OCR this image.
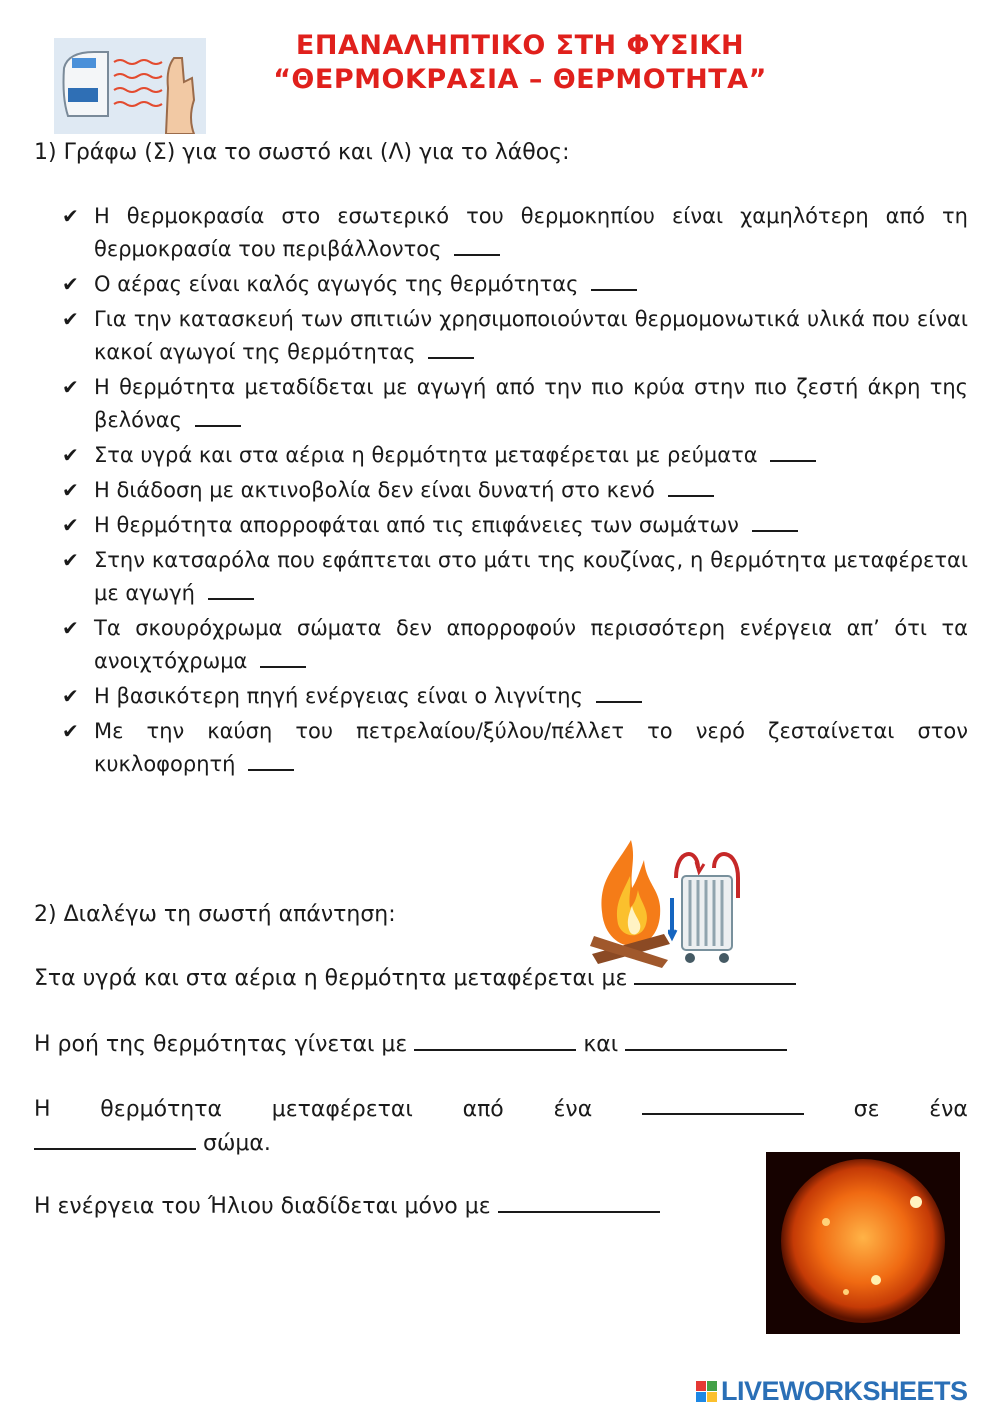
ΕΠΑΝΑΛΗΠΤΙΚΟ ΣΤΗ ΦΥΣΙΚΗ
“ΘΕΡΜΟΚΡΑΣΙΑ – ΘΕΡΜΟΤΗΤΑ”
1) Γράφω (Σ) για το σωστό και (Λ) για το λάθος:
✔ Η θερμοκρασία στο εσωτερικό του θερμοκηπίου είναι χαμηλότερη από τη θερμοκρασία του περιβάλλοντος
✔ Ο αέρας είναι καλός αγωγός της θερμότητας
✔ Για την κατασκευή των σπιτιών χρησιμοποιούνται θερμομονωτικά υλικά που είναι κακοί αγωγοί της θερμότητας
✔ Η θερμότητα μεταδίδεται με αγωγή από την πιο κρύα στην πιο ζεστή άκρη της βελόνας
✔ Στα υγρά και στα αέρια η θερμότητα μεταφέρεται με ρεύματα
✔ Η διάδοση με ακτινοβολία δεν είναι δυνατή στο κενό
✔ Η θερμότητα απορροφάται από τις επιφάνειες των σωμάτων
✔ Στην κατσαρόλα που εφάπτεται στο μάτι της κουζίνας, η θερμότητα μεταφέρεται με αγωγή
✔ Τα σκουρόχρωμα σώματα δεν απορροφούν περισσότερη ενέργεια απ’ ότι τα ανοιχτόχρωμα
✔ Η βασικότερη πηγή ενέργειας είναι ο λιγνίτης
✔ Με την καύση του πετρελαίου/ξύλου/πέλλετ το νερό ζεσταίνεται στον κυκλοφορητή
2) Διαλέγω τη σωστή απάντηση:
Στα υγρά και στα αέρια η θερμότητα μεταφέρεται με
Η ροή της θερμότητας γίνεται με	και
Η θερμότητα μεταφέρεται από ένα	σε ένα
σώμα.
Η ενέργεια του Ήλιου διαδίδεται μόνο με
LIVEWORKSHEETS
